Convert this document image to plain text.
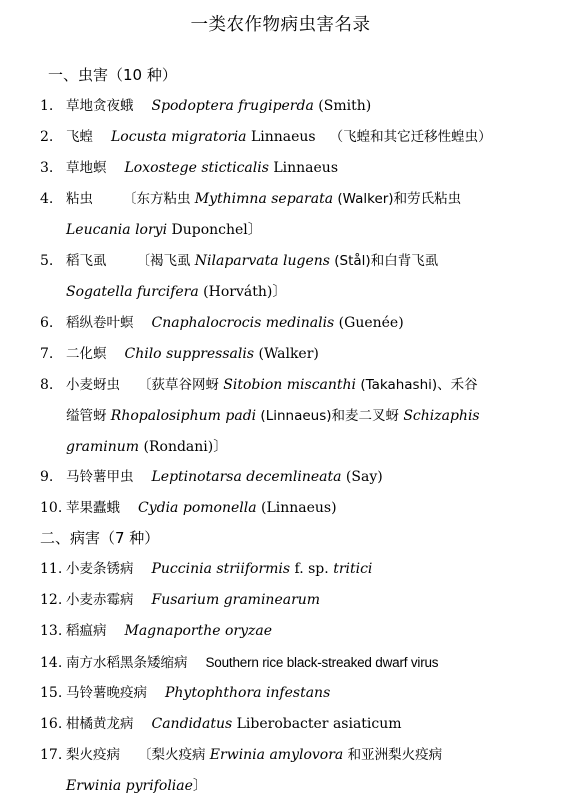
一类农作物病虫害名录
一、虫害（10 种）
1. 草地贪夜蛾 Spodoptera frugiperda (Smith)
2. 飞蝗 Locusta migratoria Linnaeus （飞蝗和其它迁移性蝗虫）
3. 草地螟 Loxostege sticticalis Linnaeus
4. 粘虫 〔东方粘虫 Mythimna separata (Walker)和劳氏粘虫
Leucania loryi Duponchel〕
5. 稻飞虱 〔褐飞虱 Nilaparvata lugens (Stål)和白背飞虱
Sogatella furcifera (Horváth)〕
6. 稻纵卷叶螟 Cnaphalocrocis medinalis (Guenée)
7. 二化螟 Chilo suppressalis (Walker)
8. 小麦蚜虫 〔荻草谷网蚜 Sitobion miscanthi (Takahashi)、禾谷
缢管蚜 Rhopalosiphum padi (Linnaeus)和麦二叉蚜 Schizaphis
graminum (Rondani)〕
9. 马铃薯甲虫 Leptinotarsa decemlineata (Say)
10. 苹果蠹蛾 Cydia pomonella (Linnaeus)
二、病害（7 种）
11. 小麦条锈病 Puccinia striiformis f. sp. tritici
12. 小麦赤霉病 Fusarium graminearum
13. 稻瘟病 Magnaporthe oryzae
14. 南方水稻黑条矮缩病 Southern rice black-streaked dwarf virus
15. 马铃薯晚疫病 Phytophthora infestans
16. 柑橘黄龙病 Candidatus Liberobacter asiaticum
17. 梨火疫病 〔梨火疫病 Erwinia amylovora 和亚洲梨火疫病
Erwinia pyrifoliae〕
